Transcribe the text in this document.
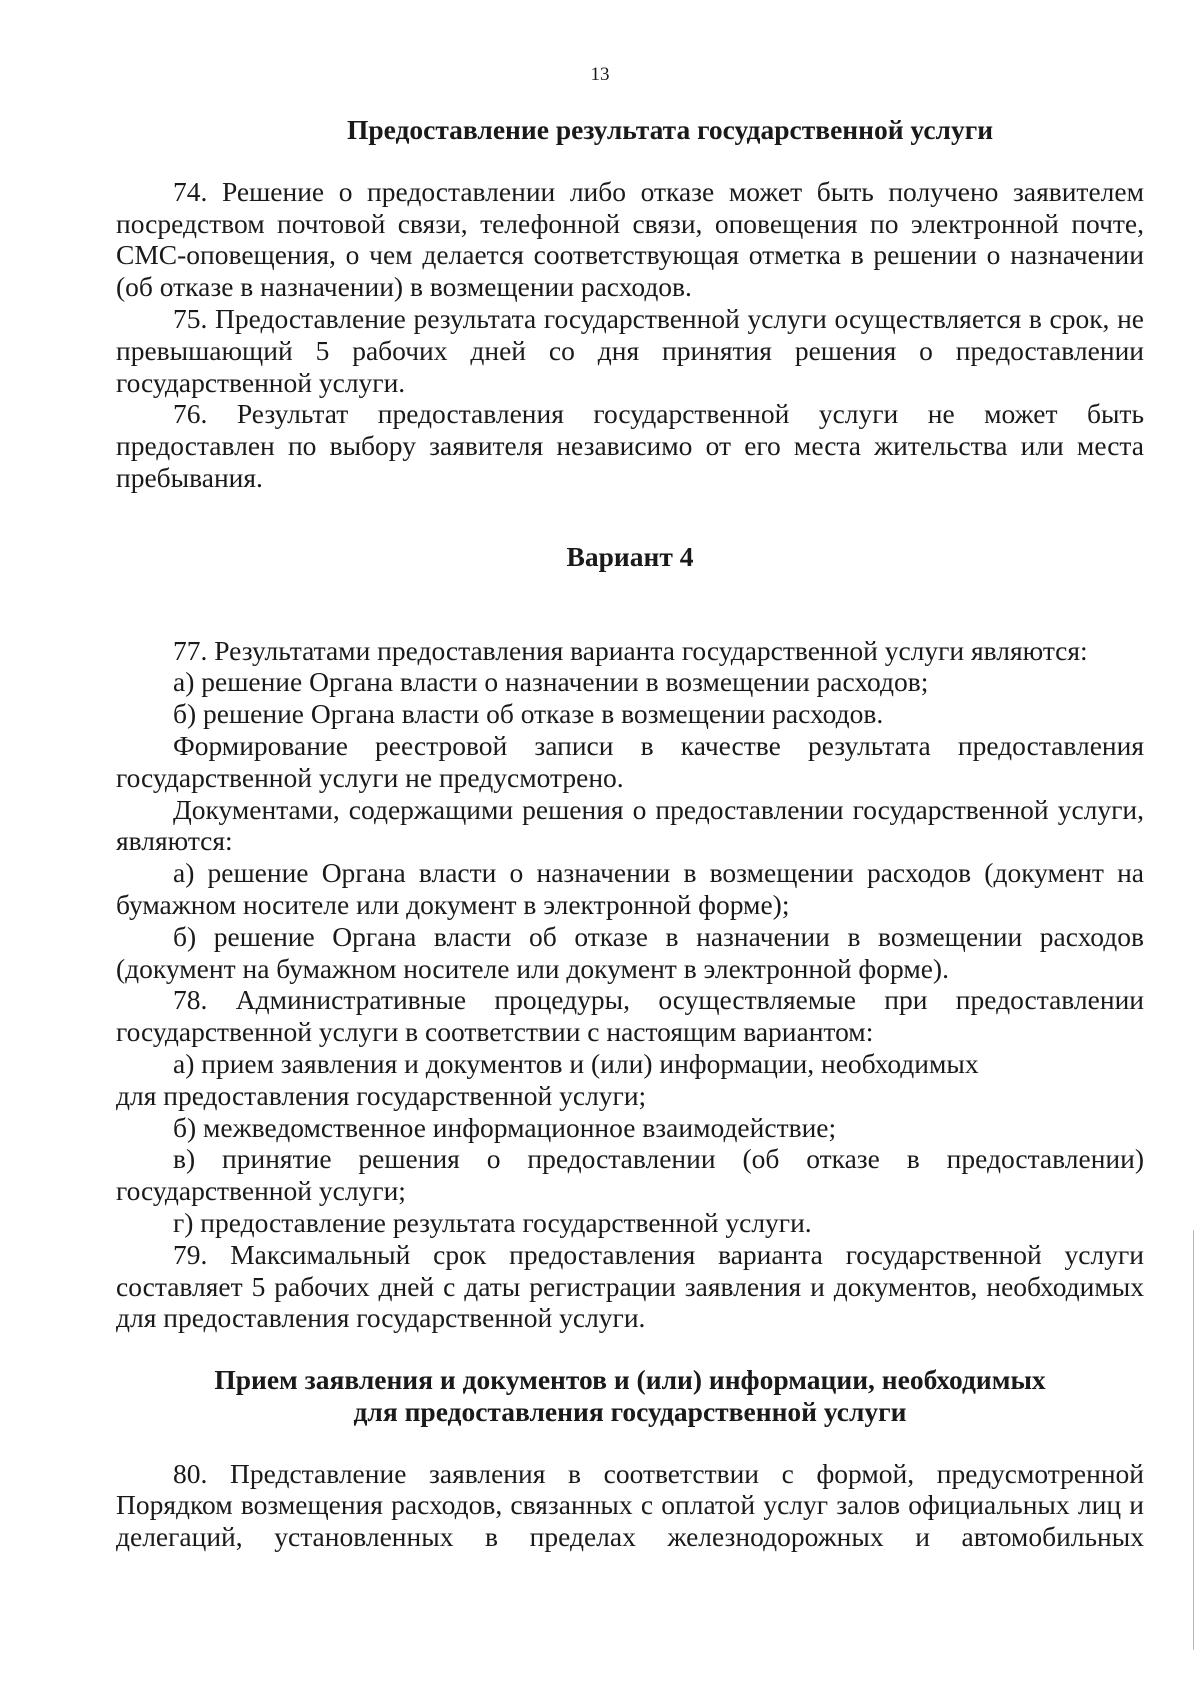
13
Предоставление результата государственной услуги

74. Решение о предоставлении либо отказе может быть получено заявителем посредством почтовой связи, телефонной связи, оповещения по электронной почте, СМС-оповещения, о чем делается соответствующая отметка в решении о назначении (об отказе в назначении) в возмещении расходов.

75. Предоставление результата государственной услуги осуществляется в срок, не превышающий 5 рабочих дней со дня принятия решения о предоставлении государственной услуги.

76. Результат предоставления государственной услуги не может быть предоставлен по выбору заявителя независимо от его места жительства или места пребывания.

Вариант 4

77. Результатами предоставления варианта государственной услуги являются:

а) решение Органа власти о назначении в возмещении расходов;

б) решение Органа власти об отказе в возмещении расходов.

Формирование реестровой записи в качестве результата предоставления государственной услуги не предусмотрено.

Документами, содержащими решения о предоставлении государственной услуги, являются:

а) решение Органа власти о назначении в возмещении расходов (документ на бумажном носителе или документ в электронной форме);

б) решение Органа власти об отказе в назначении в возмещении расходов (документ на бумажном носителе или документ в электронной форме).

78. Административные процедуры, осуществляемые при предоставлении государственной услуги в соответствии с настоящим вариантом:

а) прием заявления и документов и (или) информации, необходимых

для предоставления государственной услуги;

б) межведомственное информационное взаимодействие;

в) принятие решения о предоставлении (об отказе в предоставлении) государственной услуги;

г) предоставление результата государственной услуги.

79. Максимальный срок предоставления варианта государственной услуги составляет 5 рабочих дней с даты регистрации заявления и документов, необходимых для предоставления государственной услуги.

Прием заявления и документов и (или) информации, необходимых
для предоставления государственной услуги

80. Представление заявления в соответствии с формой, предусмотренной Порядком возмещения расходов, связанных с оплатой услуг залов официальных лиц и делегаций, установленных в пределах железнодорожных и автомобильных
